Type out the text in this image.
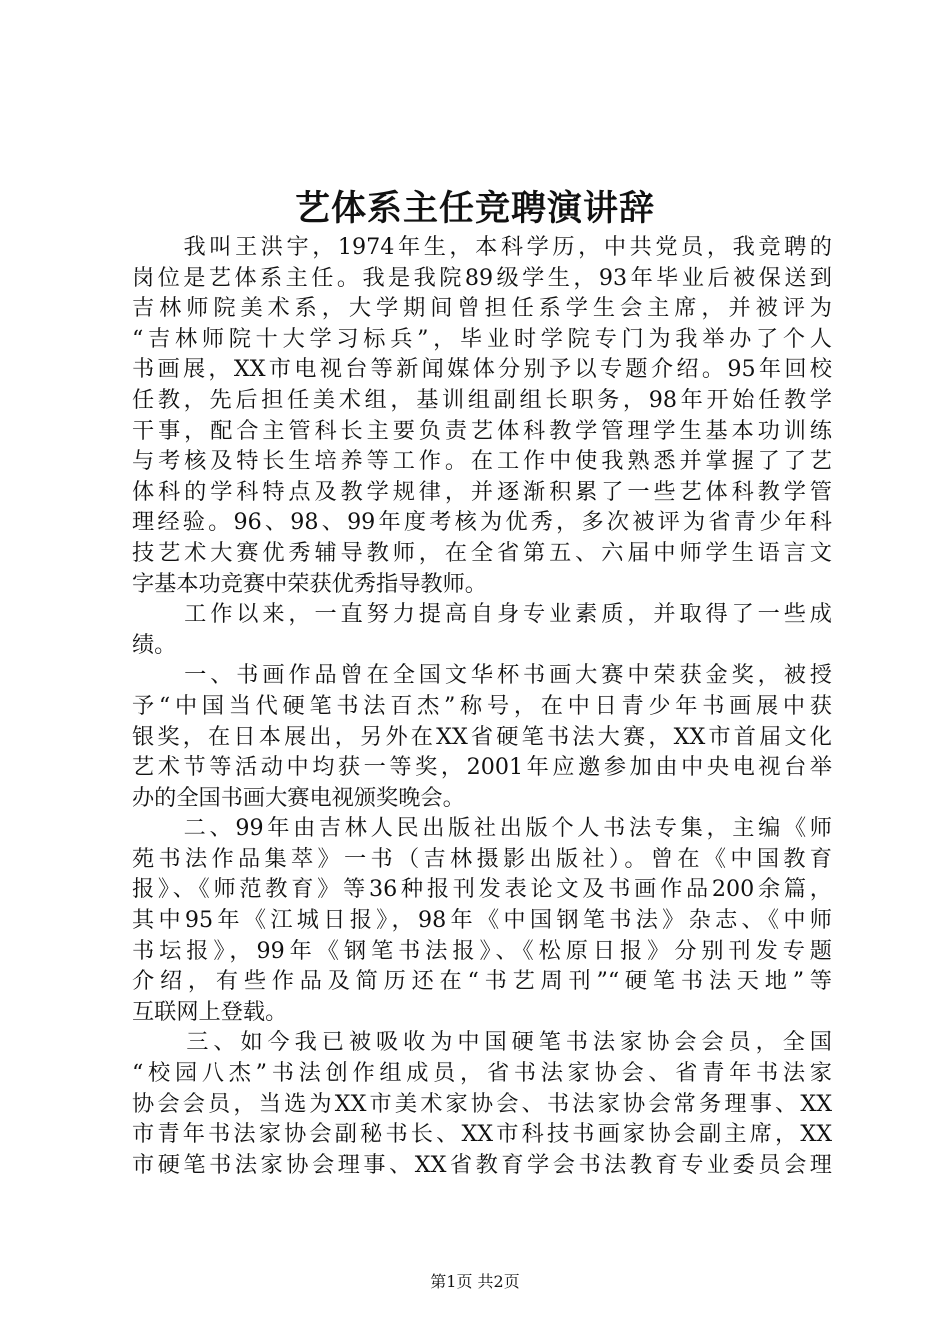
艺体系主任竞聘演讲辞
　　我叫王洪宇，1974年生，本科学历，中共党员，我竞聘的
岗位是艺体系主任。我是我院89级学生，93年毕业后被保送到
吉林师院美术系，大学期间曾担任系学生会主席，并被评为
“吉林师院十大学习标兵”，毕业时学院专门为我举办了个人
书画展，XX市电视台等新闻媒体分别予以专题介绍。95年回校
任教，先后担任美术组，基训组副组长职务，98年开始任教学
干事，配合主管科长主要负责艺体科教学管理学生基本功训练
与考核及特长生培养等工作。在工作中使我熟悉并掌握了了艺
体科的学科特点及教学规律，并逐渐积累了一些艺体科教学管
理经验。96、98、99年度考核为优秀，多次被评为省青少年科
技艺术大赛优秀辅导教师，在全省第五、六届中师学生语言文
字基本功竞赛中荣获优秀指导教师。
　　工作以来，一直努力提高自身专业素质，并取得了一些成
绩。
　　一、书画作品曾在全国文华杯书画大赛中荣获金奖，被授
予“中国当代硬笔书法百杰”称号，在中日青少年书画展中获
银奖，在日本展出，另外在XX省硬笔书法大赛，XX市首届文化
艺术节等活动中均获一等奖，2001年应邀参加由中央电视台举
办的全国书画大赛电视颁奖晚会。
　　二、99年由吉林人民出版社出版个人书法专集，主编《师
苑书法作品集萃》一书（吉林摄影出版社）。曾在《中国教育
报》、《师范教育》等36种报刊发表论文及书画作品200余篇，
其中95年《江城日报》，98年《中国钢笔书法》杂志、《中师
书坛报》，99年《钢笔书法报》、《松原日报》分别刊发专题
介绍，有些作品及简历还在“书艺周刊”“硬笔书法天地”等
互联网上登载。
　　三、如今我已被吸收为中国硬笔书法家协会会员，全国
“校园八杰”书法创作组成员，省书法家协会、省青年书法家
协会会员，当选为XX市美术家协会、书法家协会常务理事、XX
市青年书法家协会副秘书长、XX市科技书画家协会副主席，XX
市硬笔书法家协会理事、XX省教育学会书法教育专业委员会理
第1页 共2页
